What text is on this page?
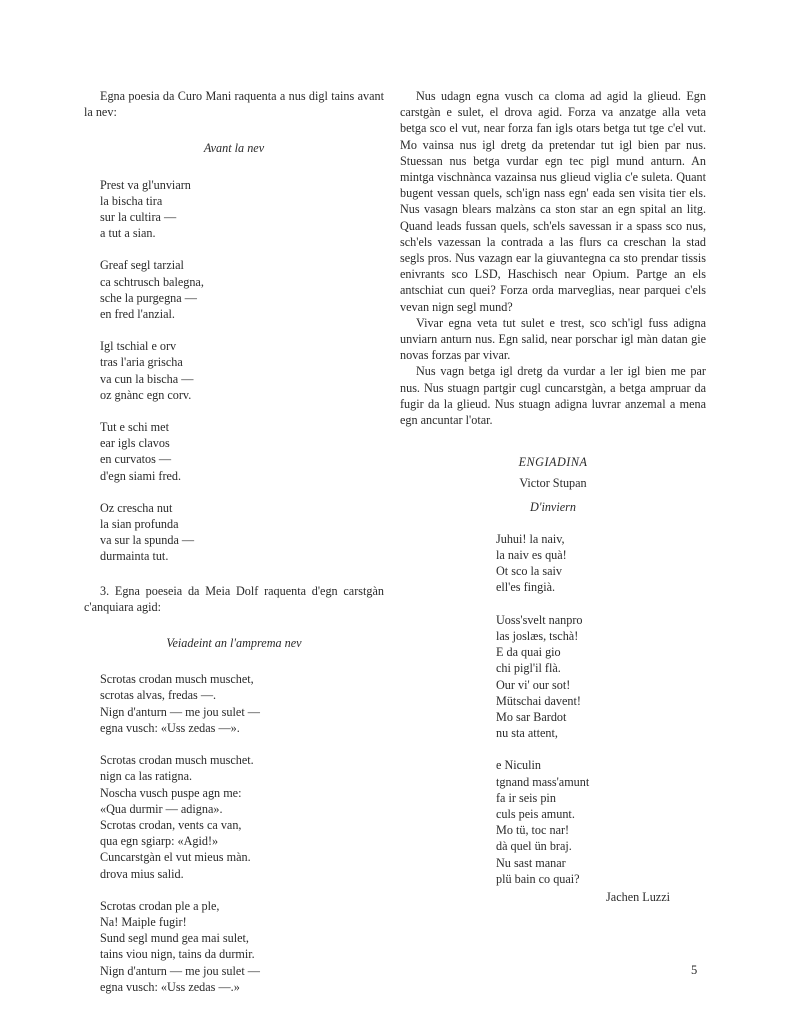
Egna poesia da Curo Mani raquenta a nus digl tains avant la nev:

Avant la nev

Prest va gl'unviarn
la bischa tira
sur la cultira —
a tut a sian.
Greaf segl tarzial
ca schtrusch balegna,
sche la purgegna —
en fred l'anzial.
Igl tschial e orv
tras l'aria grischa
va cun la bischa —
oz gnànc egn corv.
Tut e schi met
ear igls clavos
en curvatos —
d'egn siami fred.
Oz crescha nut
la sian profunda
va sur la spunda —
durmainta tut.

3. Egna poeseia da Meia Dolf raquenta d'egn carstgàn c'anquiara agid:

Veiadeint an l'amprema nev

Scrotas crodan musch muschet,
scrotas alvas, fredas —.
Nign d'anturn — me jou sulet —
egna vusch: «Uss zedas —».
Scrotas crodan musch muschet.
nign ca las ratigna.
Noscha vusch puspe agn me:
«Qua durmir — adigna».
Scrotas crodan, vents ca van,
qua egn sgiarp: «Agid!»
Cuncarstgàn el vut mieus màn.
drova mius salid.
Scrotas crodan ple a ple,
Na! Maiple fugir!
Sund segl mund gea mai sulet,
tains viou nign, tains da durmir.
Nign d'anturn — me jou sulet —
egna vusch: «Uss zedas —.»

Nus udagn egna vusch ca cloma ad agid la glieud. Egn carstgàn e sulet, el drova agid. Forza va anzatge alla veta betga sco el vut, near forza fan igls otars betga tut tge c'el vut. Mo vainsa nus igl dretg da pretendar tut igl bien par nus. Stuessan nus betga vurdar egn tec pigl mund anturn. An mintga vischnànca vazainsa nus glieud viglia c'e suleta. Quant bugent vessan quels, sch'ign nass egn' eada sen visita tier els. Nus vasagn blears malzàns ca ston star an egn spital an litg. Quand leads fussan quels, sch'els savessan ir a spass sco nus, sch'els vazessan la contrada a las flurs ca creschan la stad segls pros. Nus vazagn ear la giuvantegna ca sto prendar tissis enivrants sco LSD, Haschisch near Opium. Partge an els antschiat cun quei? Forza orda marveglias, near parquei c'els vevan nign segl mund?

Vivar egna veta tut sulet e trest, sco sch'igl fuss adigna unviarn anturn nus. Egn salid, near porschar igl màn datan gie novas forzas par vivar.

Nus vagn betga igl dretg da vurdar a ler igl bien me par nus. Nus stuagn partgir cugl cuncarstgàn, a betga ampruar da fugir da la glieud. Nus stuagn adigna luvrar anzemal a mena egn ancuntar l'otar.

ENGIADINA

Victor Stupan

D'inviern

Juhui! la naiv,
la naiv es quà!
Ot sco la saiv
ell'es fingià.
Uoss'svelt nanpro
las joslæs, tschà!
E da quai gio
chi pigl'il flà.
Our vi' our sot!
Mütschai davent!
Mo sar Bardot
nu sta attent,
e Niculin
tgnand mass'amunt
fa ir seis pin
culs peis amunt.
Mo tü, toc nar!
dà quel ün braj.
Nu sast manar
plü bain co quai?

Jachen Luzzi

5
